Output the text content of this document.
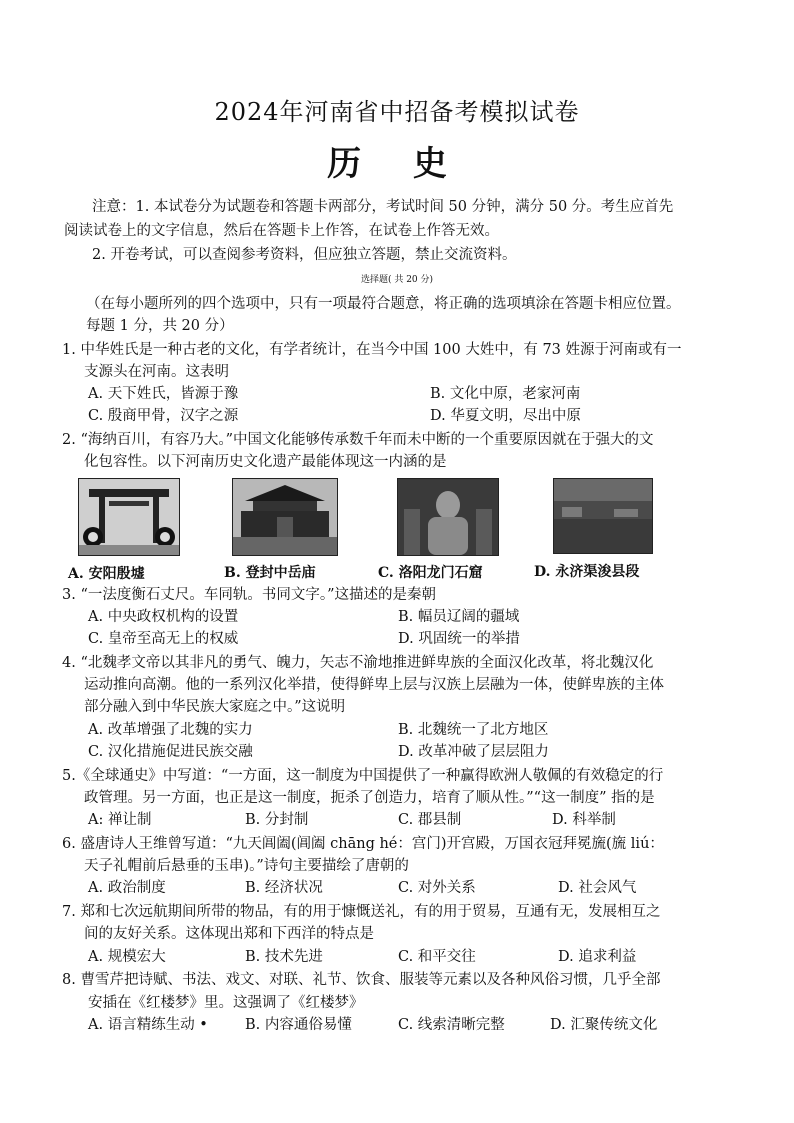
2024年河南省中招备考模拟试卷
历 史
注意：1. 本试卷分为试题卷和答题卡两部分，考试时间 50 分钟，满分 50 分。考生应首先
阅读试卷上的文字信息，然后在答题卡上作答，在试卷上作答无效。
2. 开卷考试，可以查阅参考资料，但应独立答题，禁止交流资料。
选择题( 共 20 分)
（在每小题所列的四个选项中，只有一项最符合题意，将正确的选项填涂在答题卡相应位置。
每题 1 分，共 20 分）
1. 中华姓氏是一种古老的文化，有学者统计，在当今中国 100 大姓中，有 73 姓源于河南或有一
支源头在河南。这表明
A. 天下姓氏，皆源于豫	B. 文化中原，老家河南
C. 殷商甲骨，汉字之源	D. 华夏文明，尽出中原
2. “海纳百川，有容乃大。”中国文化能够传承数千年而未中断的一个重要原因就在于强大的文
化包容性。以下河南历史文化遗产最能体现这一内涵的是
A. 安阳殷墟	B. 登封中岳庙	C. 洛阳龙门石窟	D. 永济渠浚县段
3. “一法度衡石丈尺。车同轨。书同文字。”这描述的是秦朝
A. 中央政权机构的设置	B. 幅员辽阔的疆域
C. 皇帝至高无上的权威	D. 巩固统一的举措
4. “北魏孝文帝以其非凡的勇气、魄力，矢志不渝地推进鲜卑族的全面汉化改革，将北魏汉化
运动推向高潮。他的一系列汉化举措，使得鲜卑上层与汉族上层融为一体，使鲜卑族的主体
部分融入到中华民族大家庭之中。”这说明
A. 改革增强了北魏的实力	B. 北魏统一了北方地区
C. 汉化措施促进民族交融	D. 改革冲破了层层阻力
5.《全球通史》中写道：“一方面，这一制度为中国提供了一种赢得欧洲人敬佩的有效稳定的行
政管理。另一方面，也正是这一制度，扼杀了创造力，培育了顺从性。”“这一制度” 指的是
A: 禅让制	B. 分封制	C. 郡县制	D. 科举制
6. 盛唐诗人王维曾写道：“九天阊阖(阊阖 chāng hé：宫门)开宫殿，万国衣冠拜冕旒(旒 liú：
天子礼帽前后悬垂的玉串)。”诗句主要描绘了唐朝的
A. 政治制度	B. 经济状况	C. 对外关系	D. 社会风气
7. 郑和七次远航期间所带的物品，有的用于慷慨送礼，有的用于贸易，互通有无，发展相互之
间的友好关系。这体现出郑和下西洋的特点是
A. 规模宏大	B. 技术先进	C. 和平交往	D. 追求利益
8. 曹雪芹把诗赋、书法、戏文、对联、礼节、饮食、服装等元素以及各种风俗习惯，几乎全部
安插在《红楼梦》里。这强调了《红楼梦》
A. 语言精练生动 •	B. 内容通俗易懂	C. 线索清晰完整	D. 汇聚传统文化
